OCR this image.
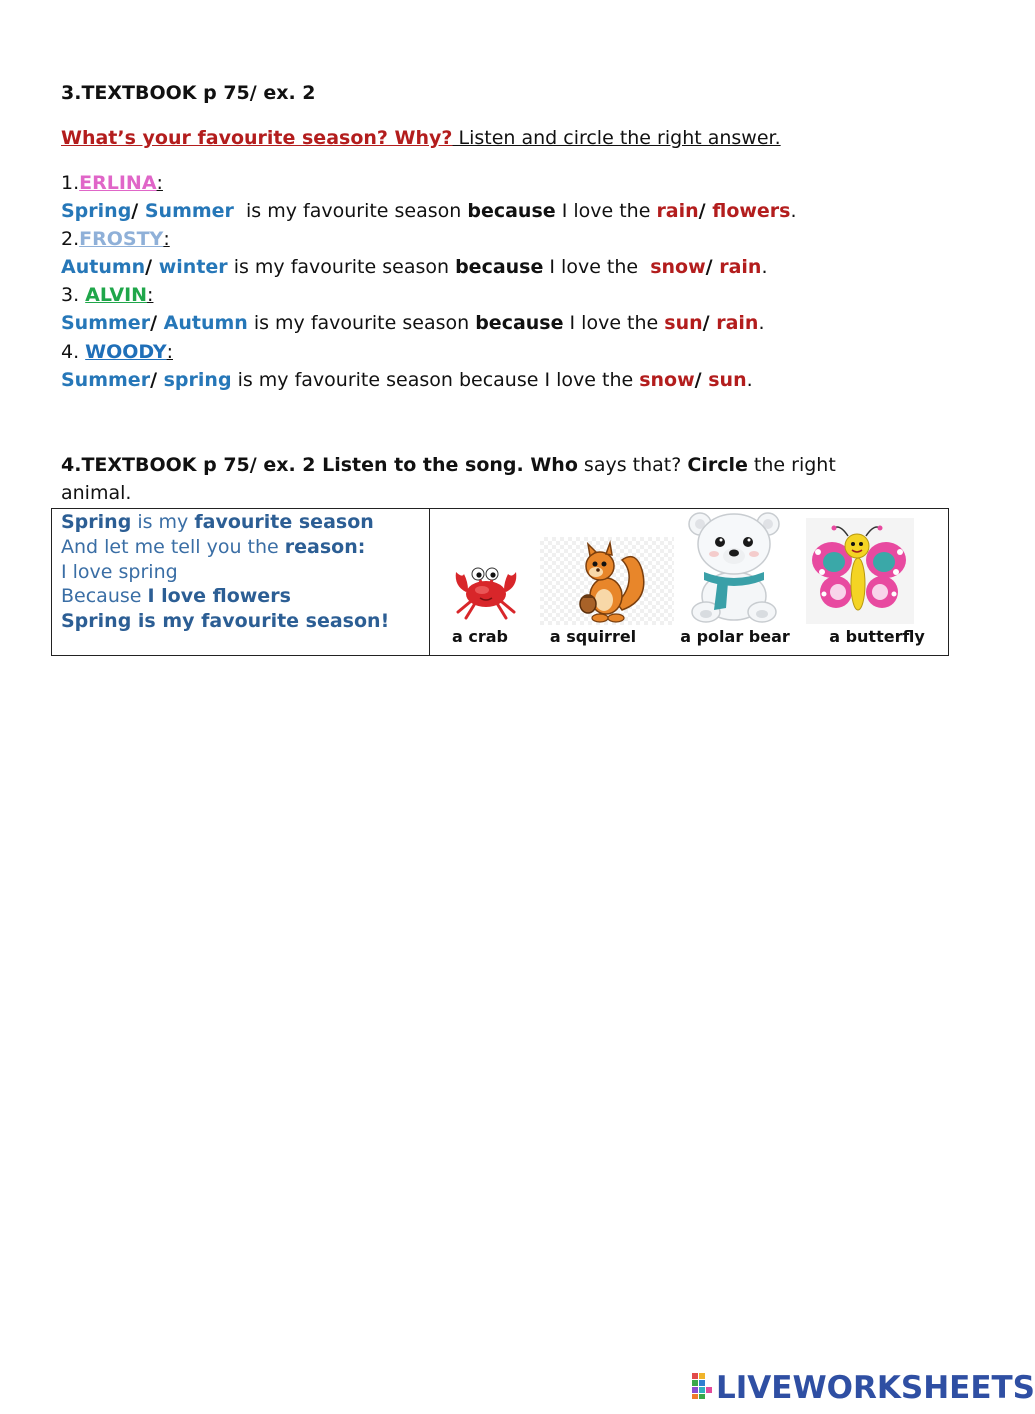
3.TEXTBOOK p 75/ ex. 2
What’s your favourite season? Why? Listen and circle the right answer.
1.ERLINA:
Spring/ Summer  is my favourite season because I love the rain/ flowers.
2.FROSTY:
Autumn/ winter is my favourite season because I love the  snow/ rain.
3. ALVIN:
Summer/ Autumn is my favourite season because I love the sun/ rain.
4. WOODY:
Summer/ spring is my favourite season because I love the snow/ sun.
4.TEXTBOOK p 75/ ex. 2 Listen to the song. Who says that? Circle the right
animal.
Spring is my favourite season
And let me tell you the reason:
I love spring
Because I love flowers
Spring is my favourite season!
a crab	a squirrel	a polar bear	a butterfly
LIVEWORKSHEETS
